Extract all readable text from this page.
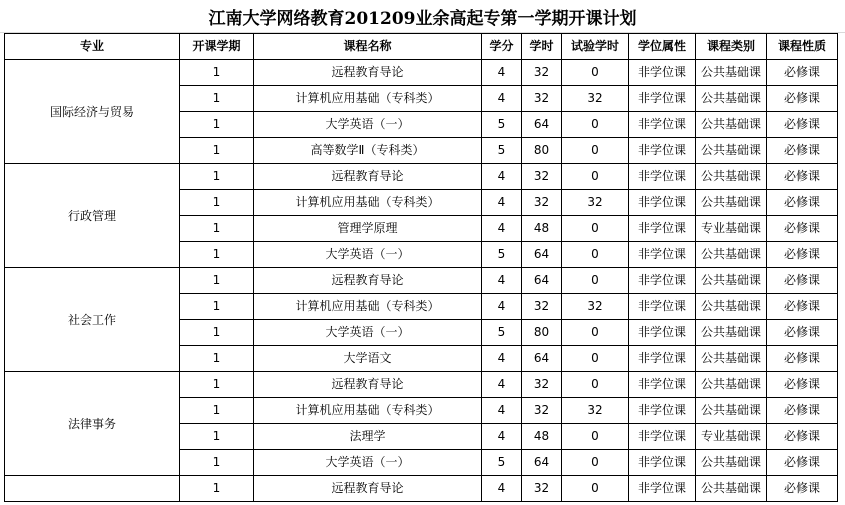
江南大学网络教育201209业余高起专第一学期开课计划
专业	开课学期	课程名称	学分	学时	试验学时	学位属性	课程类别	课程性质
国际经济与贸易	1	远程教育导论	4	32	0	非学位课	公共基础课	必修课
	1	计算机应用基础（专科类）	4	32	32	非学位课	公共基础课	必修课
	1	大学英语（一）	5	64	0	非学位课	公共基础课	必修课
	1	高等数学Ⅱ（专科类）	5	80	0	非学位课	公共基础课	必修课
行政管理	1	远程教育导论	4	32	0	非学位课	公共基础课	必修课
	1	计算机应用基础（专科类）	4	32	32	非学位课	公共基础课	必修课
	1	管理学原理	4	48	0	非学位课	专业基础课	必修课
	1	大学英语（一）	5	64	0	非学位课	公共基础课	必修课
社会工作	1	远程教育导论	4	64	0	非学位课	公共基础课	必修课
	1	计算机应用基础（专科类）	4	32	32	非学位课	公共基础课	必修课
	1	大学英语（一）	5	80	0	非学位课	公共基础课	必修课
	1	大学语文	4	64	0	非学位课	公共基础课	必修课
法律事务	1	远程教育导论	4	32	0	非学位课	公共基础课	必修课
	1	计算机应用基础（专科类）	4	32	32	非学位课	公共基础课	必修课
	1	法理学	4	48	0	非学位课	专业基础课	必修课
	1	大学英语（一）	5	64	0	非学位课	公共基础课	必修课
	1	远程教育导论	4	32	0	非学位课	公共基础课	必修课
